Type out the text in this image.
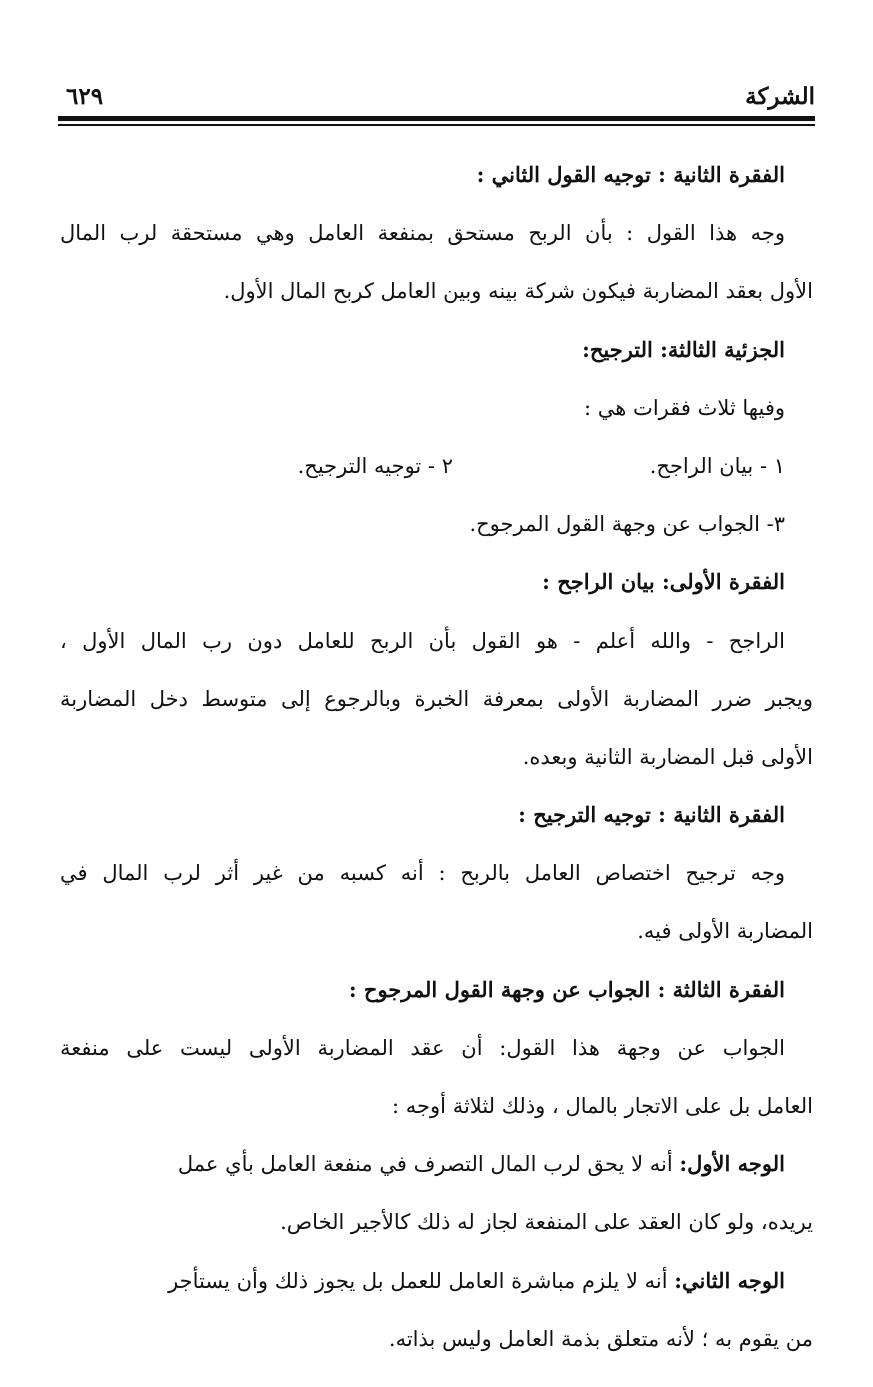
الشركة
٦٢٩
الفقرة الثانية : توجيه القول الثاني :
وجه هذا القول : بأن الربح مستحق بمنفعة العامل وهي مستحقة لرب المال
الأول بعقد المضاربة فيكون شركة بينه وبين العامل كربح المال الأول.
الجزئية الثالثة: الترجيح:
وفيها ثلاث فقرات هي :
١ - بيان الراجح.
٢ - توجيه الترجيح.
٣- الجواب عن وجهة القول المرجوح.
الفقرة الأولى: بيان الراجح :
الراجح - والله أعلم - هو القول بأن الربح للعامل دون رب المال الأول ،
ويجبر ضرر المضاربة الأولى بمعرفة الخبرة وبالرجوع إلى متوسط دخل المضاربة
الأولى قبل المضاربة الثانية وبعده.
الفقرة الثانية : توجيه الترجيح :
وجه ترجيح اختصاص العامل بالربح : أنه كسبه من غير أثر لرب المال في
المضاربة الأولى فيه.
الفقرة الثالثة : الجواب عن وجهة القول المرجوح :
الجواب عن وجهة هذا القول: أن عقد المضاربة الأولى ليست على منفعة
العامل بل على الاتجار بالمال ، وذلك لثلاثة أوجه :
الوجه الأول: أنه لا يحق لرب المال التصرف في منفعة العامل بأي عمل
يريده، ولو كان العقد على المنفعة لجاز له ذلك كالأجير الخاص.
الوجه الثاني: أنه لا يلزم مباشرة العامل للعمل بل يجوز ذلك وأن يستأجر
من يقوم به ؛ لأنه متعلق بذمة العامل وليس بذاته.
